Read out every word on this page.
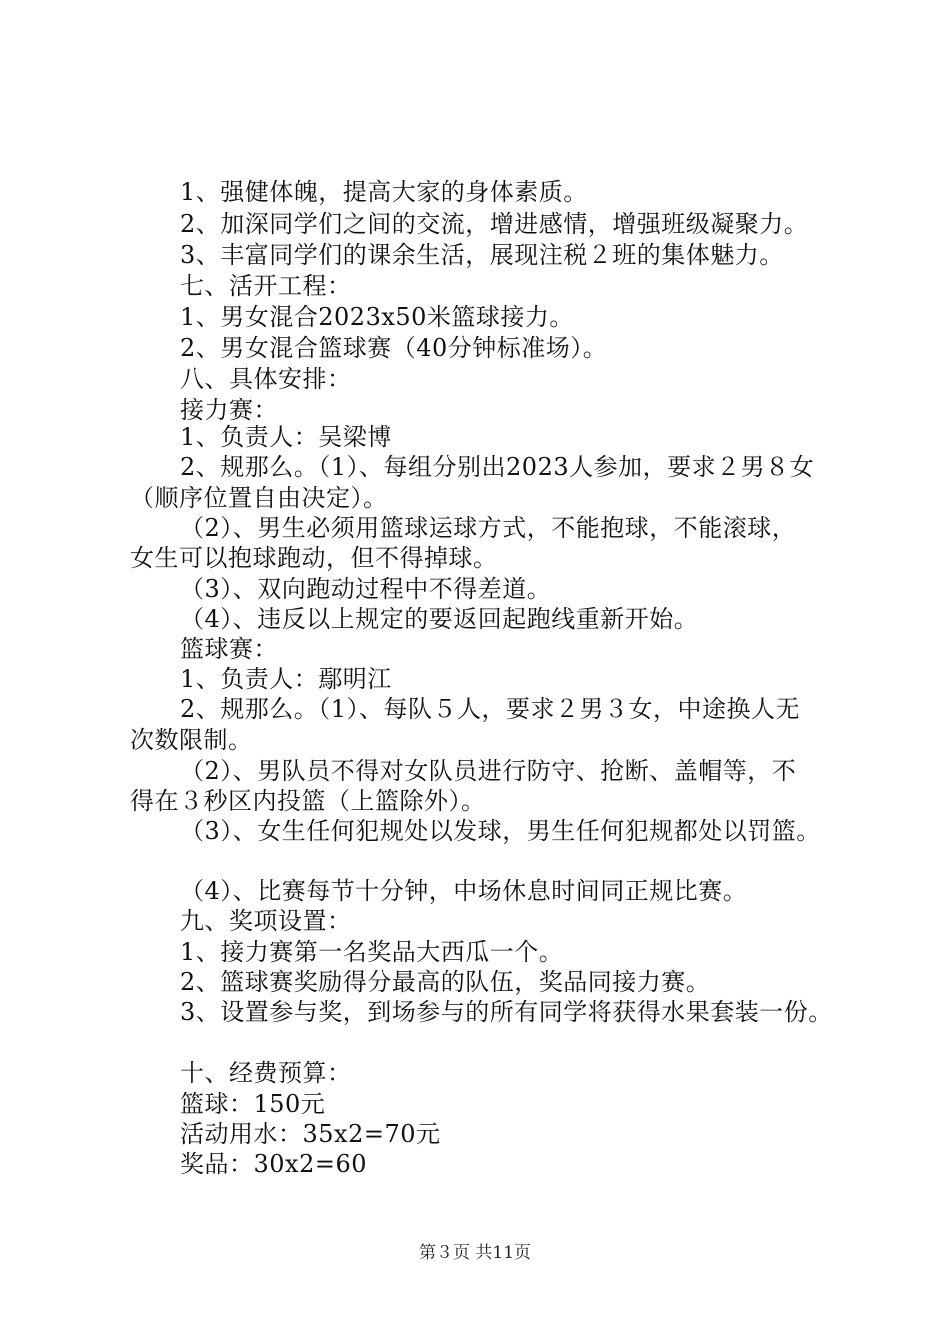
1、强健体魄，提高大家的身体素质。
2、加深同学们之间的交流，增进感情，增强班级凝聚力。
3、丰富同学们的课余生活，展现注税２班的集体魅力。
七、活开工程：
1、男女混合2023x50米篮球接力。
2、男女混合篮球赛（40分钟标准场）。
八、具体安排：
接力赛：
1、负责人：吴梁博
2、规那么。（1）、每组分别出2023人参加，要求２男８女
（顺序位置自由决定）。
（2）、男生必须用篮球运球方式，不能抱球，不能滚球，
女生可以抱球跑动，但不得掉球。
（3）、双向跑动过程中不得差道。
（4）、违反以上规定的要返回起跑线重新开始。
篮球赛：
1、负责人：鄢明江
2、规那么。（1）、每队５人，要求２男３女，中途换人无
次数限制。
（2）、男队员不得对女队员进行防守、抢断、盖帽等，不
得在３秒区内投篮（上篮除外）。
（3）、女生任何犯规处以发球，男生任何犯规都处以罚篮。
（4）、比赛每节十分钟，中场休息时间同正规比赛。
九、奖项设置：
1、接力赛第一名奖品大西瓜一个。
2、篮球赛奖励得分最高的队伍，奖品同接力赛。
3、设置参与奖，到场参与的所有同学将获得水果套装一份。
十、经费预算：
篮球：150元
活动用水：35x2=70元
奖品：30x2=60
第３页 共11页
